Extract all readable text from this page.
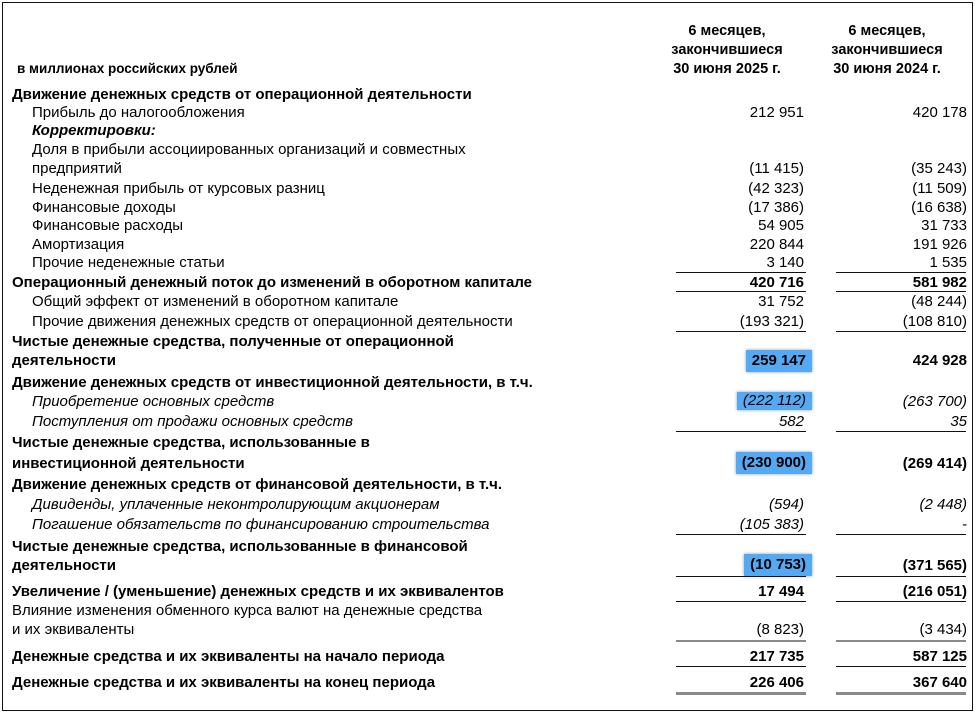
в миллионах российских рублей
6 месяцев,
закончившиеся
30 июня 2025 г.
6 месяцев,
закончившиеся
30 июня 2024 г.
Движение денежных средств от операционной деятельности
Прибыль до налогообложения	212 951	420 178
Корректировки:
Доля в прибыли ассоциированных организаций и совместных
предприятий	(11 415)	(35 243)
Неденежная прибыль от курсовых разниц	(42 323)	(11 509)
Финансовые доходы	(17 386)	(16 638)
Финансовые расходы	54 905	31 733
Амортизация	220 844	191 926
Прочие неденежные статьи	3 140	1 535
Операционный денежный поток до изменений в оборотном капитале	420 716	581 982
Общий эффект от изменений в оборотном капитале	31 752	(48 244)
Прочие движения денежных средств от операционной деятельности	(193 321)	(108 810)
Чистые денежные средства, полученные от операционной
деятельности	259 147	424 928
Движение денежных средств от инвестиционной деятельности, в т.ч.
Приобретение основных средств	(222 112)	(263 700)
Поступления от продажи основных средств	582	35
Чистые денежные средства, использованные в
инвестиционной деятельности	(230 900)	(269 414)
Движение денежных средств от финансовой деятельности, в т.ч.
Дивиденды, уплаченные неконтролирующим акционерам	(594)	(2 448)
Погашение обязательств по финансированию строительства	(105 383)	-
Чистые денежные средства, использованные в финансовой
деятельности	(10 753)	(371 565)
Увеличение / (уменьшение) денежных средств и их эквивалентов	17 494	(216 051)
Влияние изменения обменного курса валют на денежные средства
и их эквиваленты	(8 823)	(3 434)
Денежные средства и их эквиваленты на начало периода	217 735	587 125
Денежные средства и их эквиваленты на конец периода	226 406	367 640
